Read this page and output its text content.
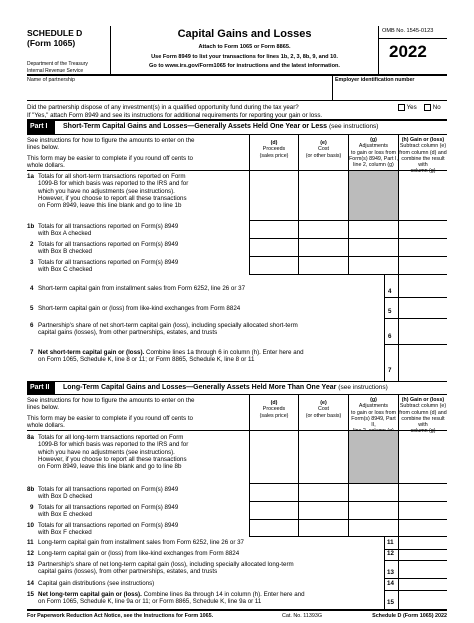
SCHEDULE D
(Form 1065)
Department of the Treasury
Internal Revenue Service
Capital Gains and Losses
Attach to Form 1065 or Form 8865.
Use Form 8949 to list your transactions for lines 1b, 2, 3, 8b, 9, and 10.
Go to www.irs.gov/Form1065 for instructions and the latest information.
OMB No. 1545-0123
2022
Name of partnership	Employer identification number
Did the partnership dispose of any investment(s) in a qualified opportunity fund during the tax year?	Yes	No
If "Yes," attach Form 8949 and see its instructions for additional requirements for reporting your gain or loss.
Part I	Short-Term Capital Gains and Losses—Generally Assets Held One Year or Less (see instructions)
See instructions for how to figure the amounts to enter on the
lines below.
This form may be easier to complete if you round off cents to
whole dollars.
(d)
Proceeds
(sales price)
(e)
Cost
(or other basis)
(g)
Adjustments
to gain or loss from
Form(s) 8949, Part I,
line 2, column (g)
(h) Gain or (loss)
Subtract column (e)
from column (d) and
combine the result with
column (g)
1a Totals for all short-term transactions reported on Form
1099-B for which basis was reported to the IRS and for
which you have no adjustments (see instructions).
However, if you choose to report all these transactions
on Form 8949, leave this line blank and go to line 1b
1b Totals for all transactions reported on Form(s) 8949
with Box A checked
2 Totals for all transactions reported on Form(s) 8949
with Box B checked
3 Totals for all transactions reported on Form(s) 8949
with Box C checked
4 Short-term capital gain from installment sales from Form 6252, line 26 or 37	4
5 Short-term capital gain or (loss) from like-kind exchanges from Form 8824	5
6 Partnership's share of net short-term capital gain (loss), including specially allocated short-term
capital gains (losses), from other partnerships, estates, and trusts
6
7 Net short-term capital gain or (loss). Combine lines 1a through 6 in column (h). Enter here and
on Form 1065, Schedule K, line 8 or 11; or Form 8865, Schedule K, line 8 or 11
7
Part II	Long-Term Capital Gains and Losses—Generally Assets Held More Than One Year (see instructions)
See instructions for how to figure the amounts to enter on the
lines below.
This form may be easier to complete if you round off cents to
whole dollars.
(d)
Proceeds
(sales price)
(e)
Cost
(or other basis)
(g)
Adjustments
to gain or loss from
Form(s) 8949, Part II,
(h) Gain or (loss)
Subtract column (e)
from column (d) and
combine the result with
column (g)
8a Totals for all long-term transactions reported on Form
1099-B for which basis was reported to the IRS and for
which you have no adjustments (see instructions).
However, if you choose to report all these transactions
on Form 8949, leave this line blank and go to line 8b
8b Totals for all transactions reported on Form(s) 8949
with Box D checked
9 Totals for all transactions reported on Form(s) 8949
with Box E checked
10 Totals for all transactions reported on Form(s) 8949
with Box F checked
11 Long-term capital gain from installment sales from Form 6252, line 26 or 37	11
12 Long-term capital gain or (loss) from like-kind exchanges from Form 8824	12
13 Partnership's share of net long-term capital gain (loss), including specially allocated long-term
capital gains (losses), from other partnerships, estates, and trusts	13
14 Capital gain distributions (see instructions)	14
15 Net long-term capital gain or (loss). Combine lines 8a through 14 in column (h). Enter here and
on Form 1065, Schedule K, line 9a or 11; or Form 8865, Schedule K, line 9a or 11	15
For Paperwork Reduction Act Notice, see the Instructions for Form 1065.	Cat. No. 11393G	Schedule D (Form 1065) 2022
